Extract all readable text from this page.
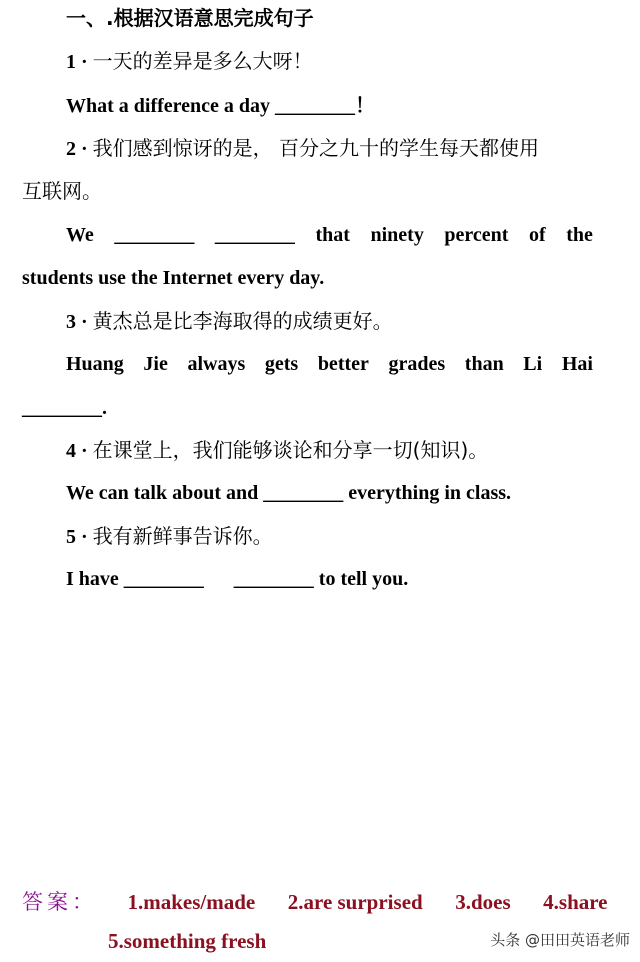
一、.根据汉语意思完成句子
1 · 一天的差异是多么大呀！
What a difference a day ________！
2 · 我们感到惊讶的是， 百分之九十的学生每天都使用
互联网。
We ________ ________ that ninety percent of the
students use the Internet every day.
3 · 黄杰总是比李海取得的成绩更好。
Huang Jie always gets better grades than Li Hai
________.
4 · 在课堂上，我们能够谈论和分享一切(知识)。
We can talk about and ________ everything in class.
5 · 我有新鲜事告诉你。
I have ________ ________ to tell you.
答案： 1.makes/made 2.are surprised 3.does 4.share
5.something fresh	头条 @田田英语老师
